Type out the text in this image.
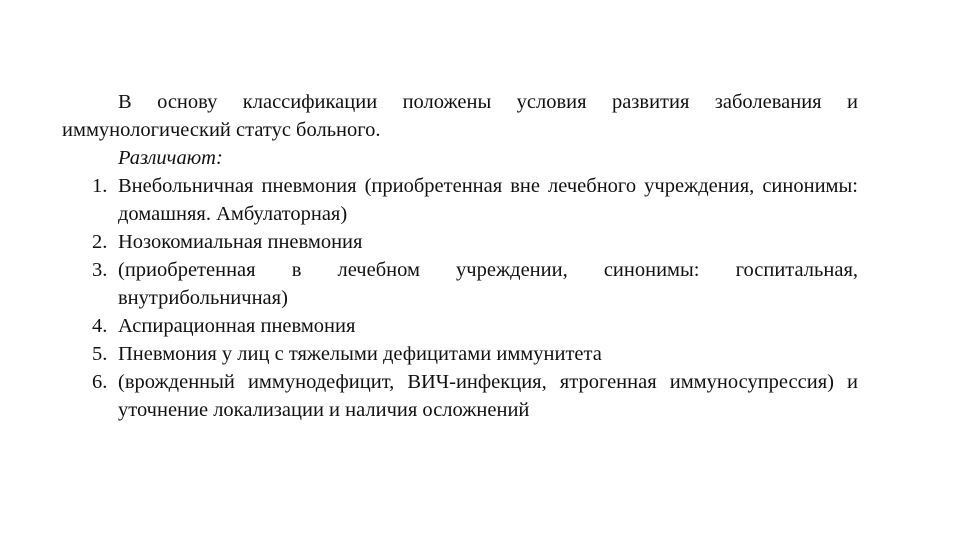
В основу классификации положены условия развития заболевания и иммунологический статус больного.

Различают:

1. Внебольничная пневмония (приобретенная вне лечебного учреждения, синонимы: домашняя. Амбулаторная)
2. Нозокомиальная пневмония
3. (приобретенная в лечебном учреждении, синонимы: госпитальная, внутрибольничная)
4. Аспирационная пневмония
5. Пневмония у лиц с тяжелыми дефицитами иммунитета
6. (врожденный иммунодефицит, ВИЧ-инфекция, ятрогенная иммуносупрессия) и уточнение локализации и наличия осложнений
